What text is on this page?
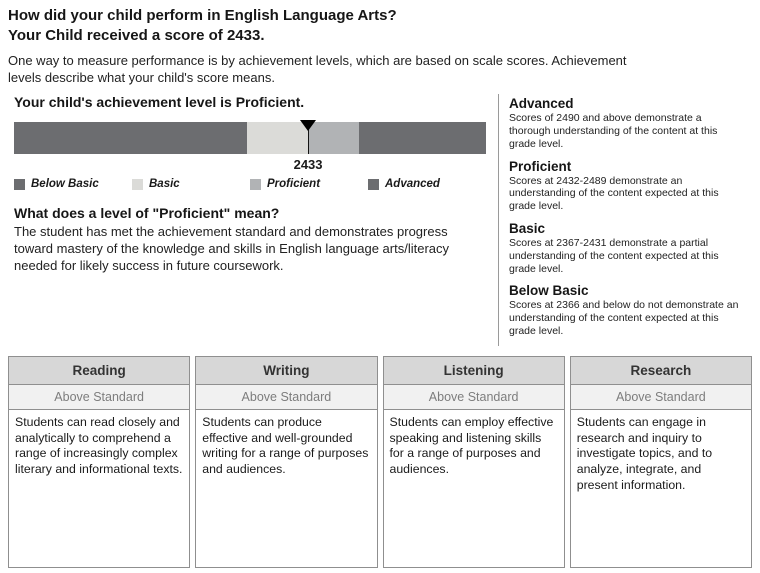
How did your child perform in English Language Arts?
Your Child received a score of 2433.

One way to measure performance is by achievement levels, which are based on scale scores. Achievement levels describe what your child's score means.

Your child's achievement level is Proficient.
2433
Below Basic	Basic	Proficient	Advanced
What does a level of "Proficient" mean?

The student has met the achievement standard and demonstrates progress toward mastery of the knowledge and skills in English language arts/literacy needed for likely success in future coursework.

Advanced

Scores of 2490 and above demonstrate a thorough understanding of the content at this grade level.

Proficient

Scores at 2432-2489 demonstrate an understanding of the content expected at this grade level.

Basic

Scores at 2367-2431 demonstrate a partial understanding of the content expected at this grade level.

Below Basic

Scores at 2366 and below do not demonstrate an understanding of the content expected at this grade level.

Reading
Above Standard
Students can read closely and analytically to comprehend a range of increasingly complex literary and informational texts.
Writing
Above Standard
Students can produce effective and well-grounded writing for a range of purposes and audiences.
Listening
Above Standard
Students can employ effective speaking and listening skills for a range of purposes and audiences.
Research
Above Standard
Students can engage in research and inquiry to investigate topics, and to analyze, integrate, and present information.
